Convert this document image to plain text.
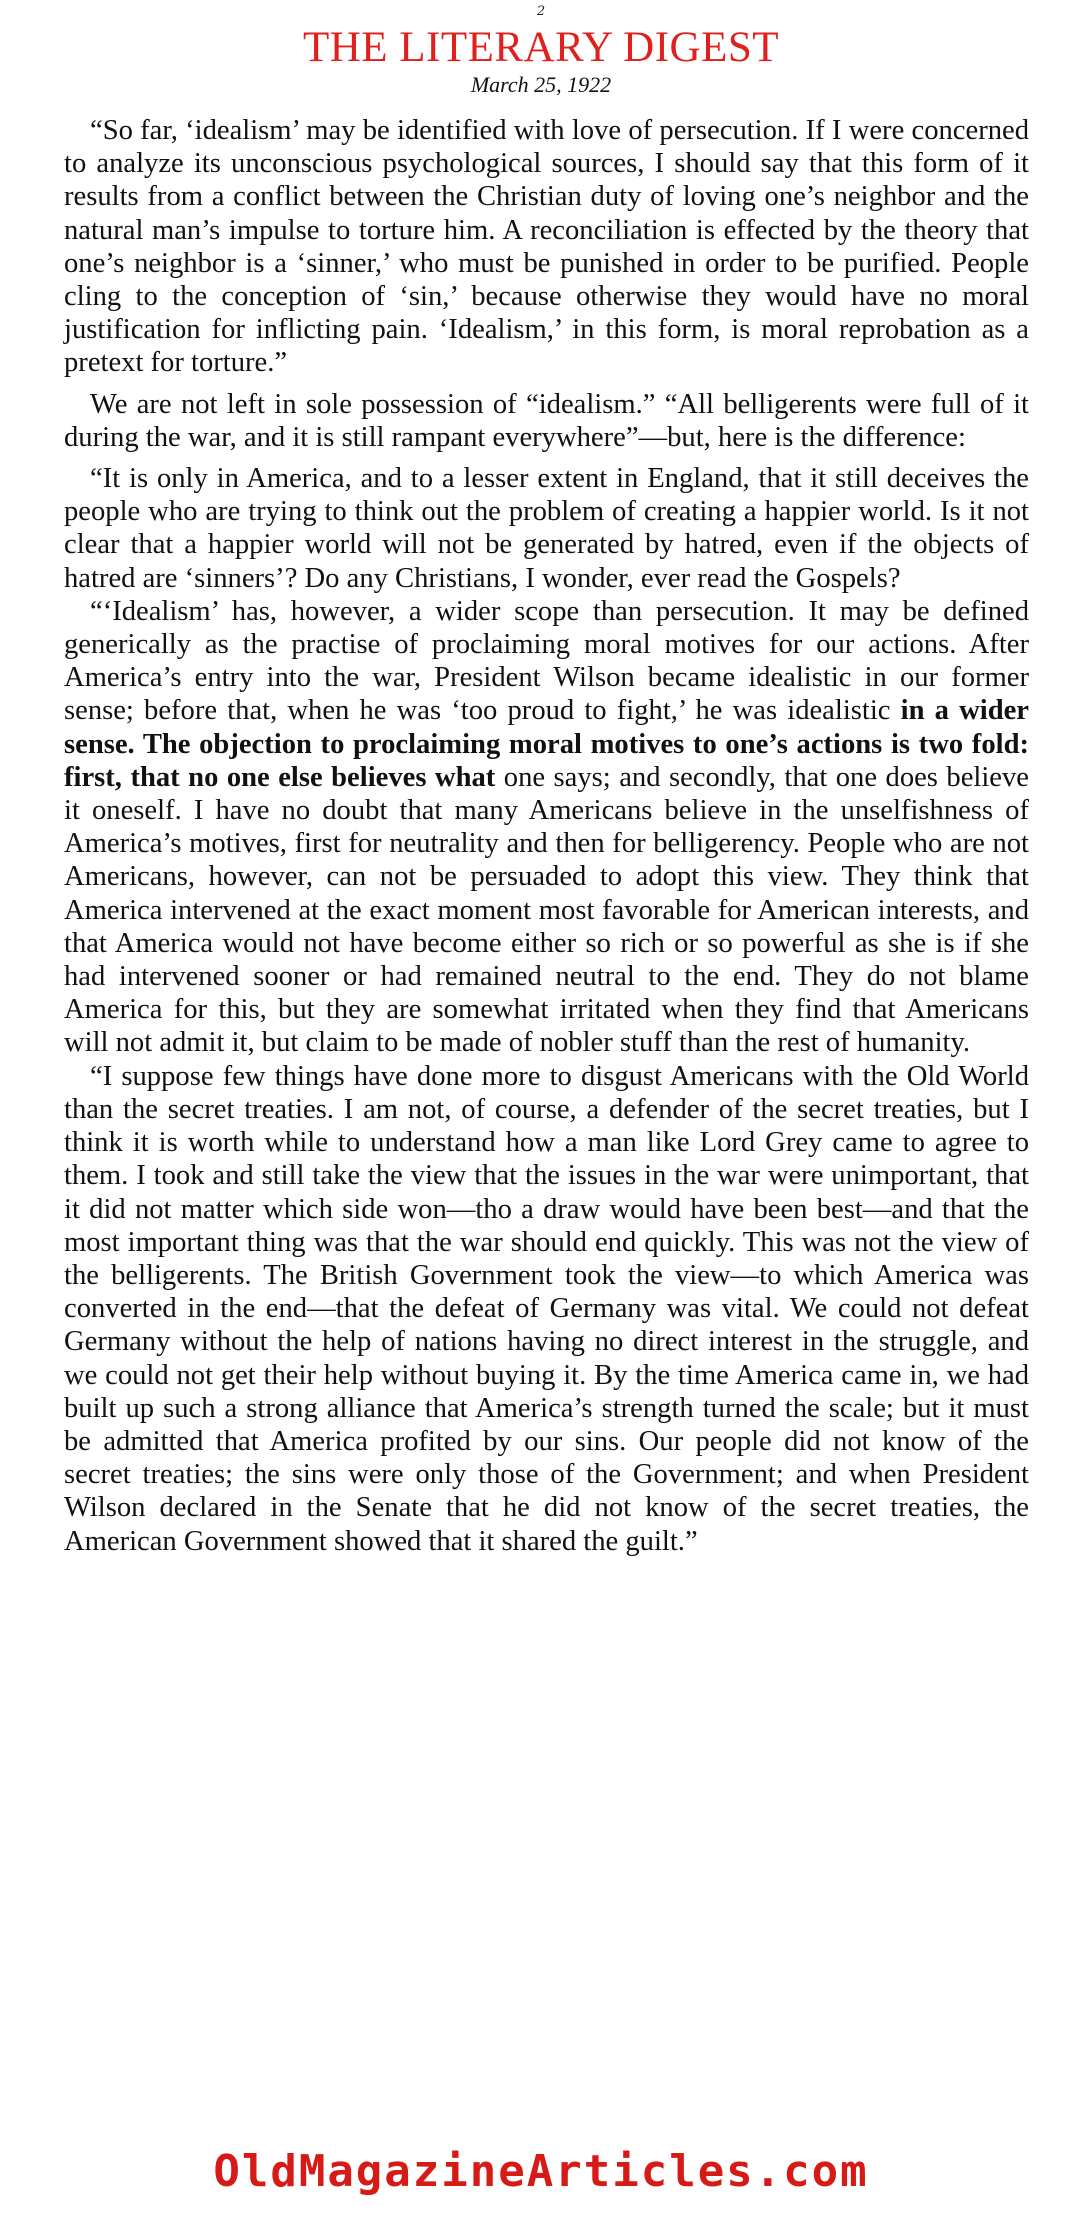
2
THE LITERARY DIGEST
March 25, 1922

“So far, ‘idealism’ may be identified with love of persecution. If I were concerned to analyze its unconscious psychological sources, I should say that this form of it results from a conflict between the Christian duty of loving one’s neighbor and the natural man’s impulse to torture him. A reconciliation is effected by the theory that one’s neighbor is a ‘sinner,’ who must be punished in order to be purified. People cling to the conception of ‘sin,’ because otherwise they would have no moral justification for inflicting pain. ‘Idealism,’ in this form, is moral reprobation as a pretext for torture.”

We are not left in sole possession of “idealism.” “All belligerents were full of it during the war, and it is still rampant everywhere”—but, here is the difference:

“It is only in America, and to a lesser extent in England, that it still deceives the people who are trying to think out the problem of creating a happier world. Is it not clear that a happier world will not be generated by hatred, even if the objects of hatred are ‘sinners’? Do any Christians, I wonder, ever read the Gospels?

“‘Idealism’ has, however, a wider scope than persecution. It may be defined generically as the practise of proclaiming moral motives for our actions. After America’s entry into the war, President Wilson became idealistic in our former sense; before that, when he was ‘too proud to fight,’ he was idealistic in a wider sense. The objection to proclaiming moral motives to one’s actions is two fold: first, that no one else believes what one says; and secondly, that one does believe it oneself. I have no doubt that many Americans believe in the unselfishness of America’s motives, first for neutrality and then for belligerency. People who are not Americans, however, can not be persuaded to adopt this view. They think that America intervened at the exact moment most favorable for American interests, and that America would not have become either so rich or so powerful as she is if she had intervened sooner or had remained neutral to the end. They do not blame America for this, but they are somewhat irritated when they find that Americans will not admit it, but claim to be made of nobler stuff than the rest of humanity.

“I suppose few things have done more to disgust Americans with the Old World than the secret treaties. I am not, of course, a defender of the secret treaties, but I think it is worth while to understand how a man like Lord Grey came to agree to them. I took and still take the view that the issues in the war were unimportant, that it did not matter which side won—tho a draw would have been best—and that the most important thing was that the war should end quickly. This was not the view of the belligerents. The British Government took the view—to which America was converted in the end—that the defeat of Germany was vital. We could not defeat Germany without the help of nations having no direct interest in the struggle, and we could not get their help without buying it. By the time America came in, we had built up such a strong alliance that America’s strength turned the scale; but it must be admitted that America profited by our sins. Our people did not know of the secret treaties; the sins were only those of the Government; and when President Wilson declared in the Senate that he did not know of the secret treaties, the American Government showed that it shared the guilt.”

OldMagazineArticles.com
